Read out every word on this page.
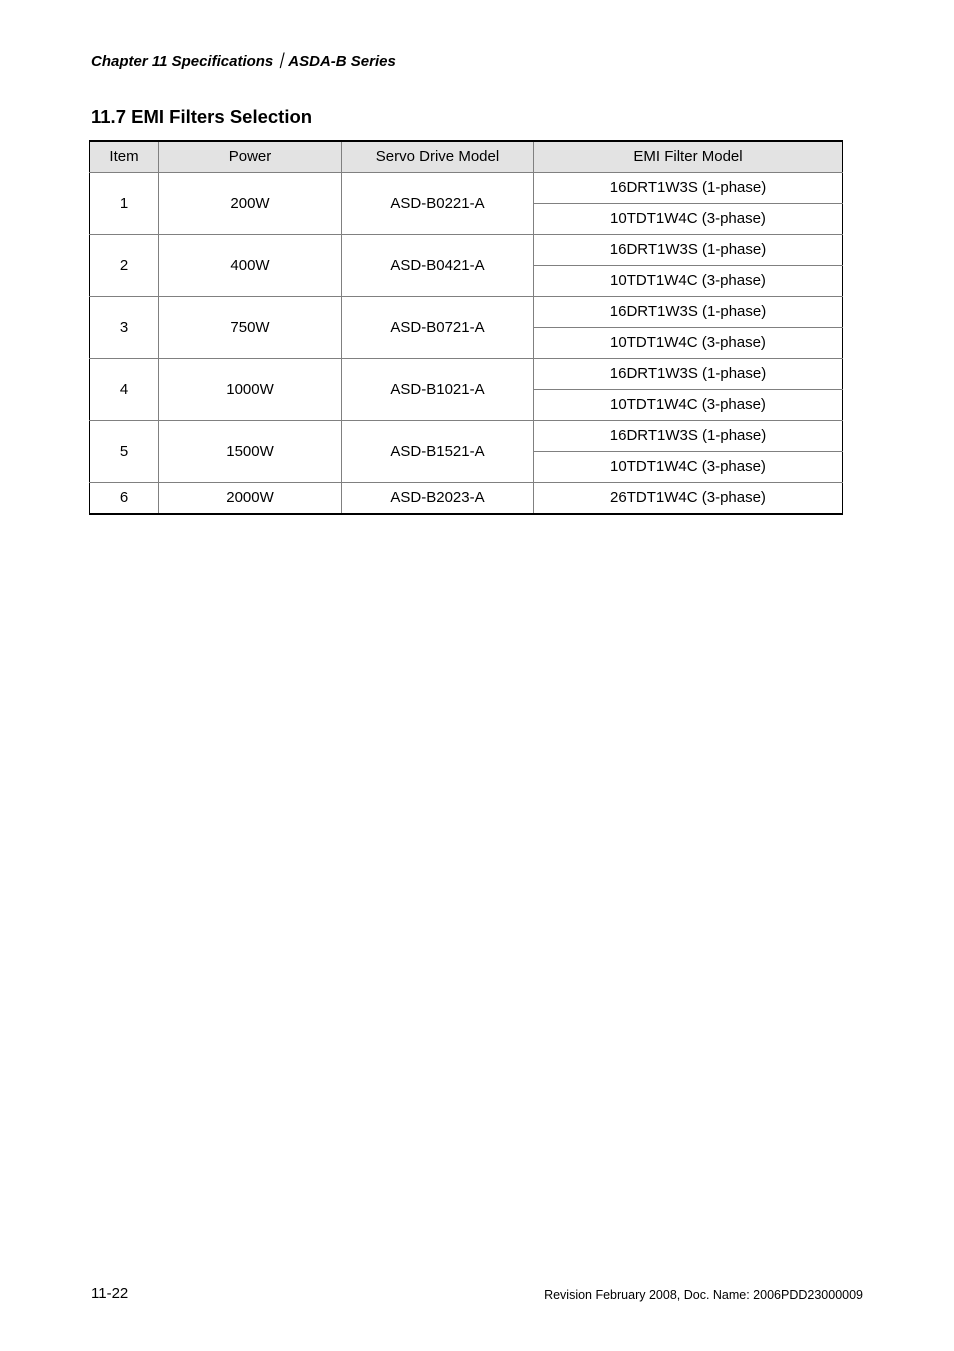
Chapter 11 Specifications｜ASDA-B Series
11.7 EMI Filters Selection
Item	Power	Servo Drive Model	EMI Filter Model
1	200W	ASD-B0221-A	16DRT1W3S (1-phase)
			10TDT1W4C (3-phase)
2	400W	ASD-B0421-A	16DRT1W3S (1-phase)
			10TDT1W4C (3-phase)
3	750W	ASD-B0721-A	16DRT1W3S (1-phase)
			10TDT1W4C (3-phase)
4	1000W	ASD-B1021-A	16DRT1W3S (1-phase)
			10TDT1W4C (3-phase)
5	1500W	ASD-B1521-A	16DRT1W3S (1-phase)
			10TDT1W4C (3-phase)
6	2000W	ASD-B2023-A	26TDT1W4C (3-phase)
11-22	Revision February 2008, Doc. Name: 2006PDD23000009
